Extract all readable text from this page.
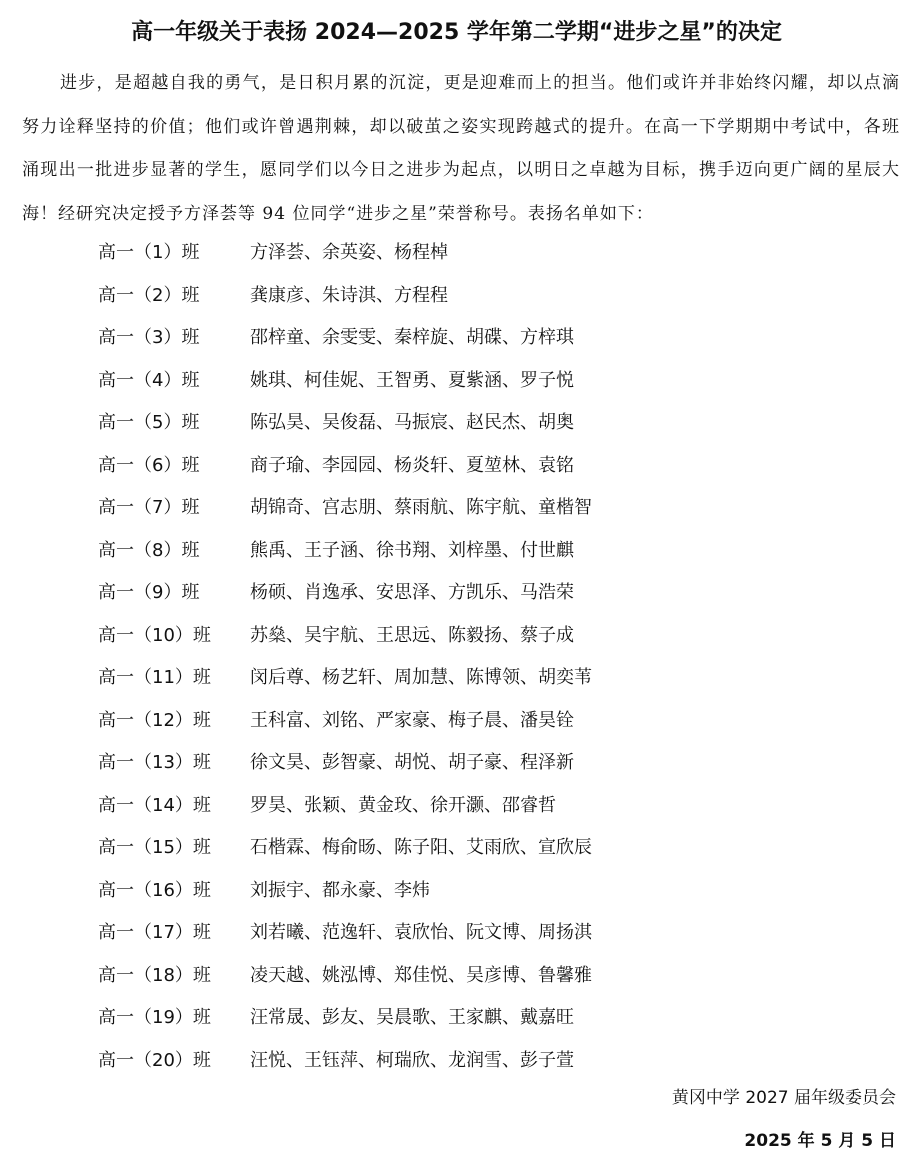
高一年级关于表扬 2024—2025 学年第二学期“进步之星”的决定

进步，是超越自我的勇气，是日积月累的沉淀，更是迎难而上的担当。他们或许并非始终闪耀，却以点滴努力诠释坚持的价值；他们或许曾遇荆棘，却以破茧之姿实现跨越式的提升。在高一下学期期中考试中，各班涌现出一批进步显著的学生，愿同学们以今日之进步为起点，以明日之卓越为目标，携手迈向更广阔的星辰大海！经研究决定授予方泽荟等 94 位同学“进步之星”荣誉称号。表扬名单如下：

高一（1）班	方泽荟、余英姿、杨程棹
高一（2）班	龚康彦、朱诗淇、方程程
高一（3）班	邵梓童、余雯雯、秦梓旋、胡碟、方梓琪
高一（4）班	姚琪、柯佳妮、王智勇、夏紫涵、罗子悦
高一（5）班	陈弘昊、吴俊磊、马振宸、赵民杰、胡奥
高一（6）班	商子瑜、李园园、杨炎轩、夏堃林、袁铭
高一（7）班	胡锦奇、宫志朋、蔡雨航、陈宇航、童楷智
高一（8）班	熊禹、王子涵、徐书翔、刘梓墨、付世麒
高一（9）班	杨硕、肖逸承、安思泽、方凯乐、马浩荣
高一（10）班	苏燊、吴宇航、王思远、陈毅扬、蔡子成
高一（11）班	闵后尊、杨艺轩、周加慧、陈博领、胡奕苇
高一（12）班	王科富、刘铭、严家豪、梅子晨、潘昊铨
高一（13）班	徐文昊、彭智豪、胡悦、胡子豪、程泽新
高一（14）班	罗昊、张颖、黄金玫、徐开灏、邵睿哲
高一（15）班	石楷霖、梅俞旸、陈子阳、艾雨欣、宣欣辰
高一（16）班	刘振宇、都永豪、李炜
高一（17）班	刘若曦、范逸轩、袁欣怡、阮文博、周扬淇
高一（18）班	凌天越、姚泓博、郑佳悦、吴彦博、鲁馨雅
高一（19）班	汪常晟、彭友、吴晨歌、王家麒、戴嘉旺
高一（20）班	汪悦、王钰萍、柯瑞欣、龙润雪、彭子萱
黄冈中学 2027 届年级委员会
2025 年 5 月 5 日
